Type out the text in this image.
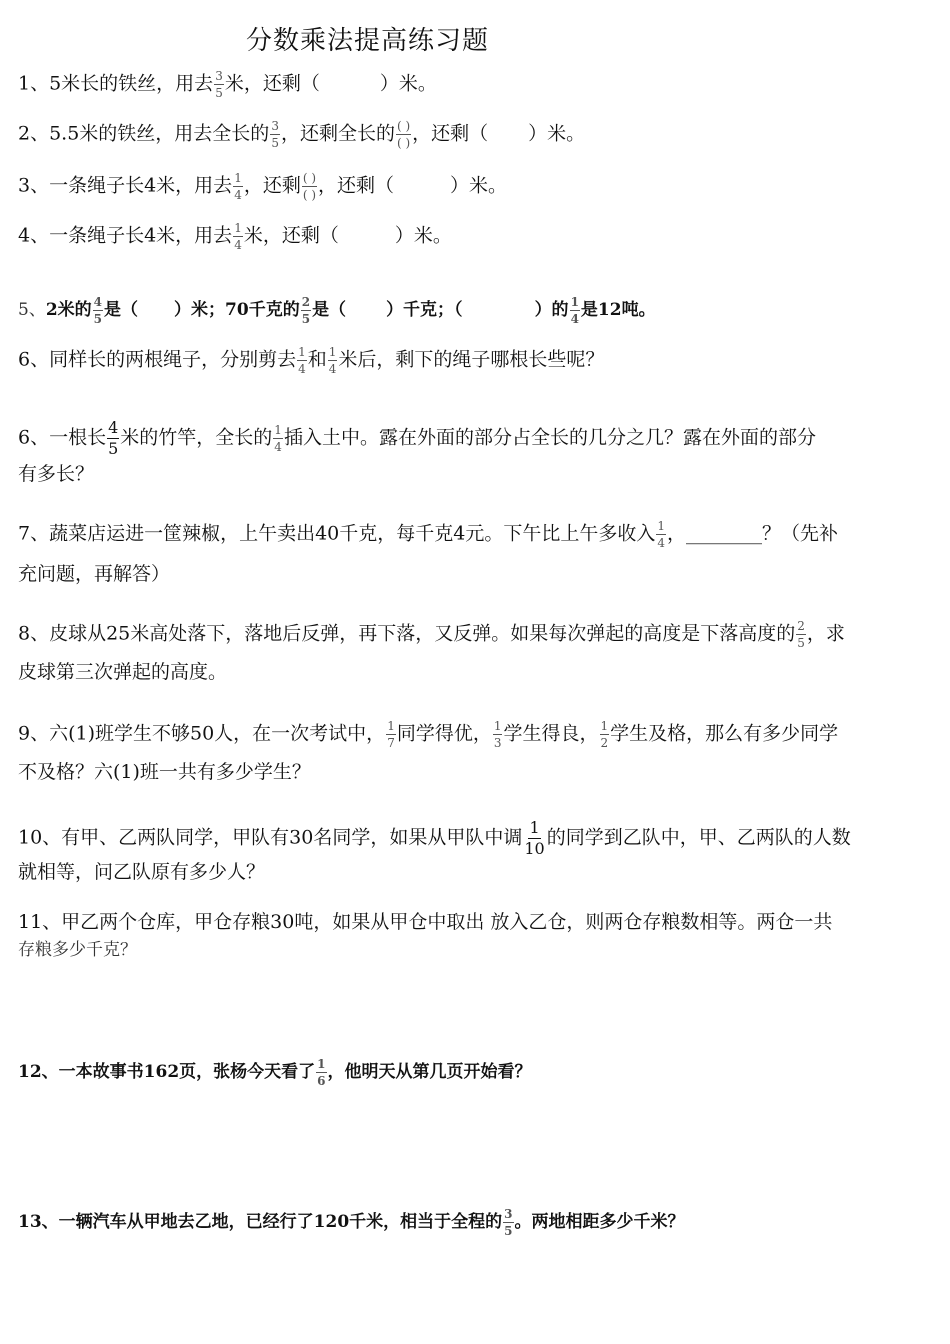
分数乘法提高练习题
1、5米长的铁丝，用去 $\frac{3}{5}$ 米，还剩（	）米。
2、5.5米的铁丝，用去全长的 $\frac{3}{5}$ ，还剩全长的 $\frac{( )}{( )}$ ，还剩（ ）米。
3、一条绳子长4米，用去 $\frac{1}{4}$ ，还剩 $\frac{( )}{( )}$ ，还剩（	）米。
4、一条绳子长4米，用去 $\frac{1}{4}$ 米，还剩（	）米。
5、2米的 $\frac{4}{5}$ 是（ ）米；70千克的 $\frac{2}{5}$ 是（ ）千克；（	）的 $\frac{1}{4}$ 是12吨。
6、同样长的两根绳子，分别剪去 $\frac{1}{4}$ 和 $\frac{1}{4}$ 米后，剩下的绳子哪根长些呢？
6、一根长 $\frac{4}{5}$ 米的竹竿，全长的 $\frac{1}{4}$ 插入土中。露在外面的部分占全长的几分之几？露在外面的部分
有多长？
7、蔬菜店运进一筐辣椒，上午卖出40千克，每千克4元。下午比上午多收入 $\frac{1}{4}$ ，________？（先补
充问题，再解答）
8、皮球从25米高处落下，落地后反弹，再下落，又反弹。如果每次弹起的高度是下落高度的 $\frac{2}{5}$ ，求
皮球第三次弹起的高度。
9、六(1)班学生不够50人，在一次考试中， $\frac{1}{7}$ 同学得优， $\frac{1}{3}$ 学生得良， $\frac{1}{2}$ 学生及格，那么有多少同学
不及格？六(1)班一共有多少学生？
10、有甲、乙两队同学，甲队有30名同学，如果从甲队中调 $\frac{1}{10}$ 的同学到乙队中，甲、乙两队的人数
就相等，问乙队原有多少人？
11、甲乙两个仓库，甲仓存粮30吨，如果从甲仓中取出 放入乙仓，则两仓存粮数相等。两仓一共
存粮多少千克？
12、一本故事书162页，张杨今天看了 $\frac{1}{6}$ ，他明天从第几页开始看？
13、一辆汽车从甲地去乙地，已经行了120千米，相当于全程的 $\frac{3}{5}$ 。两地相距多少千米？
